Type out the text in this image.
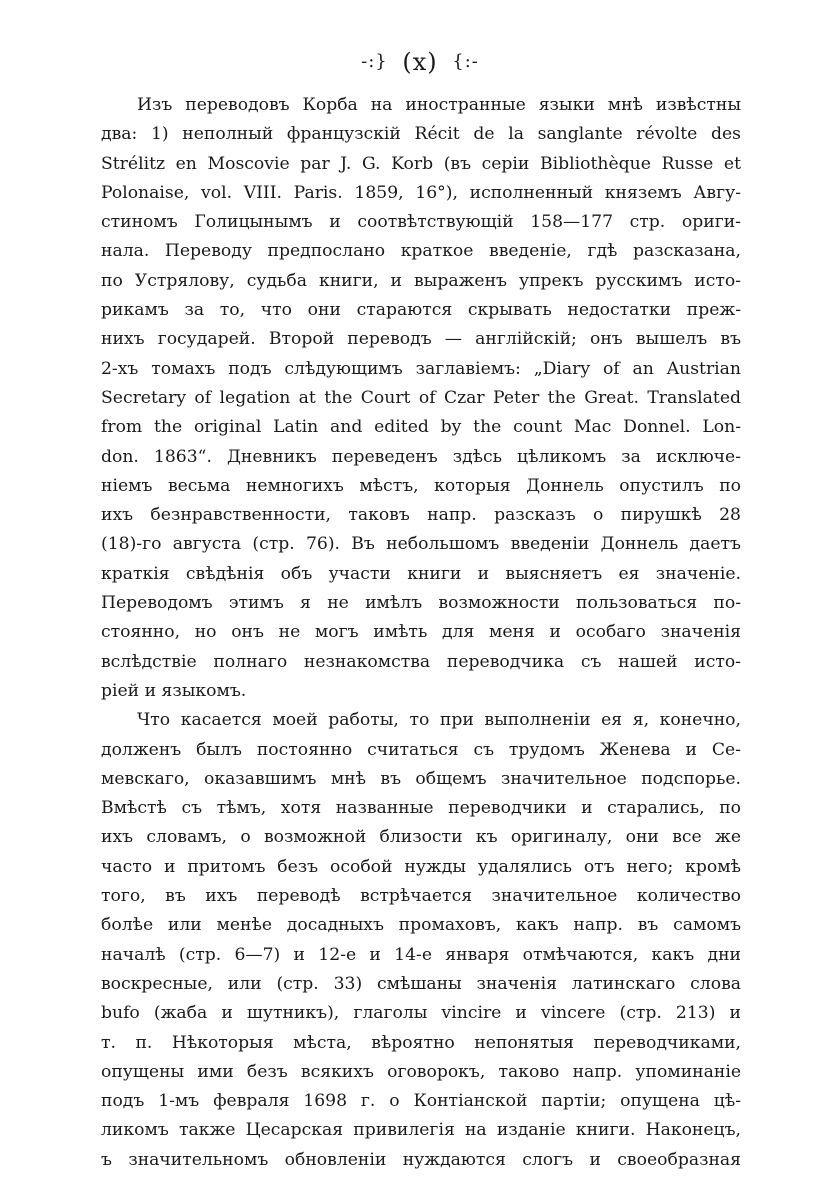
-:} (x) {:-
Изъ переводовъ Корба на иностранные языки мнѣ извѣстны
два: 1) неполный французскій Récit de la sanglante révolte des
Strélitz en Moscovie par J. G. Korb (въ серіи Bibliothèque Russe et
Polonaise, vol. VIII. Paris. 1859, 16°), исполненный княземъ Авгу-
стиномъ Голицынымъ и соотвѣтствующій 158—177 стр. ориги-
нала. Переводу предпослано краткое введеніе, гдѣ разсказана,
по Устрялову, судьба книги, и выраженъ упрекъ русскимъ исто-
рикамъ за то, что они стараются скрывать недостатки преж-
нихъ государей. Второй переводъ — англійскій; онъ вышелъ въ
2-хъ томахъ подъ слѣдующимъ заглавіемъ: „Diary of an Austrian
Secretary of legation at the Court of Czar Peter the Great. Translated
from the original Latin and edited by the count Mac Donnel. Lon-
don. 1863“. Дневникъ переведенъ здѣсь цѣликомъ за исключе-
ніемъ весьма немногихъ мѣстъ, которыя Доннель опустилъ по
ихъ безнравственности, таковъ напр. разсказъ о пирушкѣ 28
(18)-го августа (стр. 76). Въ небольшомъ введеніи Доннель даетъ
краткія свѣдѣнія объ участи книги и выясняетъ ея значеніе.
Переводомъ этимъ я не имѣлъ возможности пользоваться по-
стоянно, но онъ не могъ имѣть для меня и особаго значенія
вслѣдствіе полнаго незнакомства переводчика съ нашей исто-
ріей и языкомъ.
Что касается моей работы, то при выполненіи ея я, конечно,
долженъ былъ постоянно считаться съ трудомъ Женева и Се-
мевскаго, оказавшимъ мнѣ въ общемъ значительное подспорье.
Вмѣстѣ съ тѣмъ, хотя названные переводчики и старались, по
ихъ словамъ, о возможной близости къ оригиналу, они все же
часто и притомъ безъ особой нужды удалялись отъ него; кромѣ
того, въ ихъ переводѣ встрѣчается значительное количество
болѣе или менѣе досадныхъ промаховъ, какъ напр. въ самомъ
началѣ (стр. 6—7) и 12-е и 14-е января отмѣчаются, какъ дни
воскресные, или (стр. 33) смѣшаны значенія латинскаго слова
bufo (жаба и шутникъ), глаголы vincire и vincere (стр. 213) и
т. п. Нѣкоторыя мѣста, вѣроятно непонятыя переводчиками,
опущены ими безъ всякихъ оговорокъ, таково напр. упоминаніе
подъ 1-мъ февраля 1698 г. о Контіанской партіи; опущена цѣ-
ликомъ также Цесарская привилегія на изданіе книги. Наконецъ,
ъ значительномъ обновленіи нуждаются слогъ и своеобразная
